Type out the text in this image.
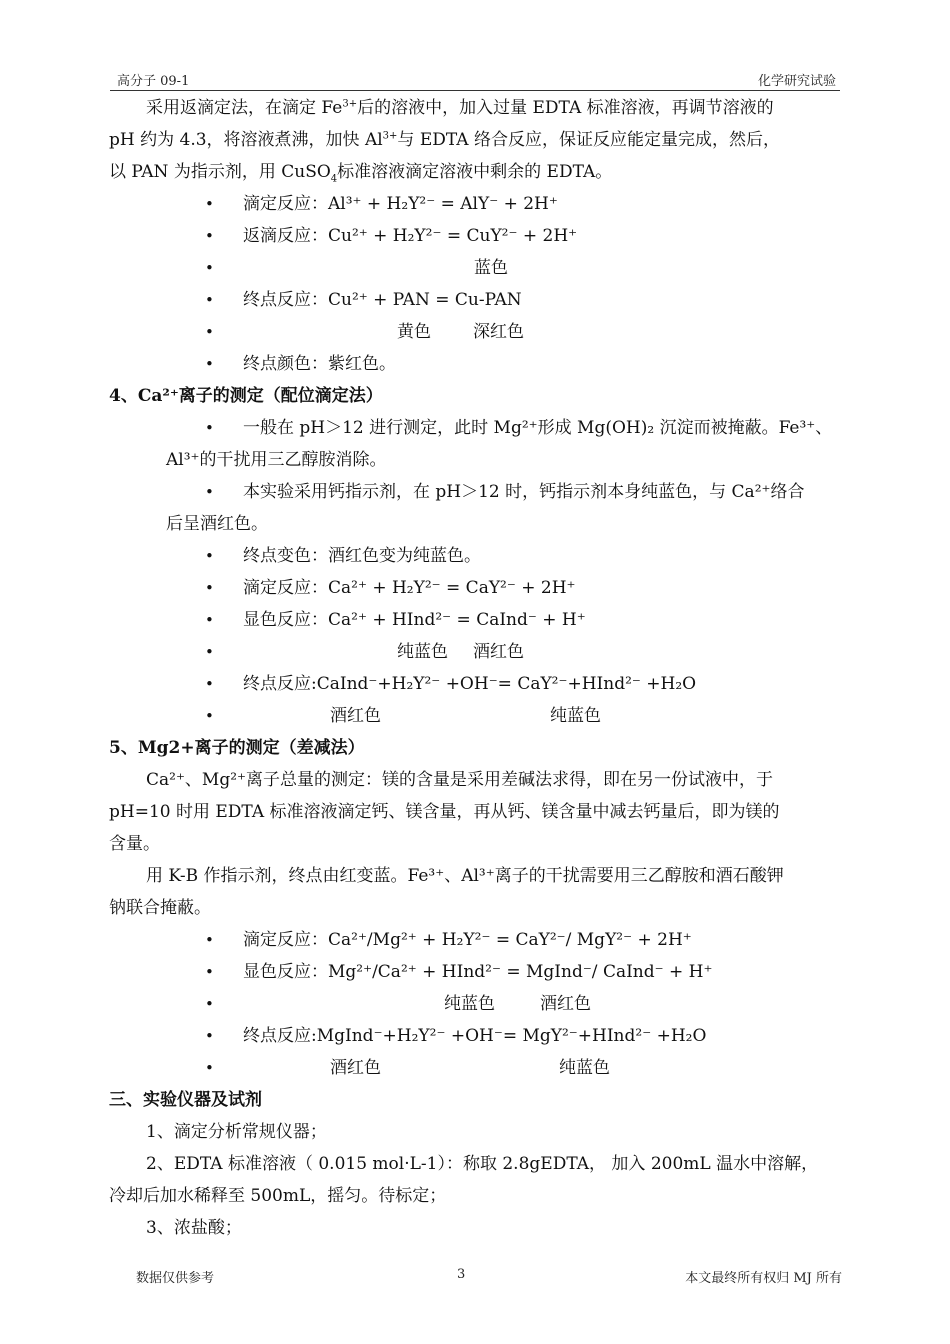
高分子 09-1	化学研究试验
采用返滴定法，在滴定 $Fe^{3+}$后的溶液中，加入过量 EDTA 标准溶液，再调节溶液的
pH 约为 4.3，将溶液煮沸，加快 $Al^{3+}$与 EDTA 络合反应，保证反应能定量完成，然后，
以 PAN 为指示剂，用 CuSO$_4$标准溶液滴定溶液中剩余的 EDTA。
• 滴定反应：Al³⁺ + H₂Y²⁻ = AlY⁻ + 2H⁺
• 返滴反应：Cu²⁺ + H₂Y²⁻ = CuY²⁻ + 2H⁺
•	蓝色
• 终点反应：Cu²⁺ + PAN = Cu-PAN
•	黄色 深红色
• 终点颜色：紫红色。
4、Ca²⁺离子的测定（配位滴定法）
• 一般在 pH＞12 进行测定，此时 Mg²⁺形成 Mg(OH)₂ 沉淀而被掩蔽。Fe³⁺、
Al³⁺的干扰用三乙醇胺消除。
• 本实验采用钙指示剂，在 pH＞12 时，钙指示剂本身纯蓝色，与 Ca²⁺络合
后呈酒红色。
• 终点变色：酒红色变为纯蓝色。
• 滴定反应：Ca²⁺ + H₂Y²⁻ = CaY²⁻ + 2H⁺
• 显色反应：Ca²⁺ + HInd²⁻ = CaInd⁻ + H⁺
•	纯蓝色 酒红色
• 终点反应:CaInd⁻+H₂Y²⁻ +OH⁻= CaY²⁻+HInd²⁻ +H₂O
•	酒红色	纯蓝色
5、Mg2+离子的测定（差减法）
Ca²⁺、Mg²⁺离子总量的测定：镁的含量是采用差碱法求得，即在另一份试液中，于
pH=10 时用 EDTA 标准溶液滴定钙、镁含量，再从钙、镁含量中减去钙量后，即为镁的
含量。
用 K-B 作指示剂，终点由红变蓝。Fe³⁺、Al³⁺离子的干扰需要用三乙醇胺和酒石酸钾
钠联合掩蔽。
• 滴定反应：Ca²⁺/Mg²⁺ + H₂Y²⁻ = CaY²⁻/ MgY²⁻ + 2H⁺
• 显色反应：Mg²⁺/Ca²⁺ + HInd²⁻ = MgInd⁻/ CaInd⁻ + H⁺
•	纯蓝色	酒红色
• 终点反应:MgInd⁻+H₂Y²⁻ +OH⁻= MgY²⁻+HInd²⁻ +H₂O
•	酒红色	纯蓝色
三、实验仪器及试剂
1、滴定分析常规仪器；
2、EDTA 标准溶液（ 0.015 mol·L-1）：称取 2.8gEDTA， 加入 200mL 温水中溶解，
冷却后加水稀释至 500mL，摇匀。待标定；
3、浓盐酸；
数据仅供参考	3	本文最终所有权归 MJ 所有
